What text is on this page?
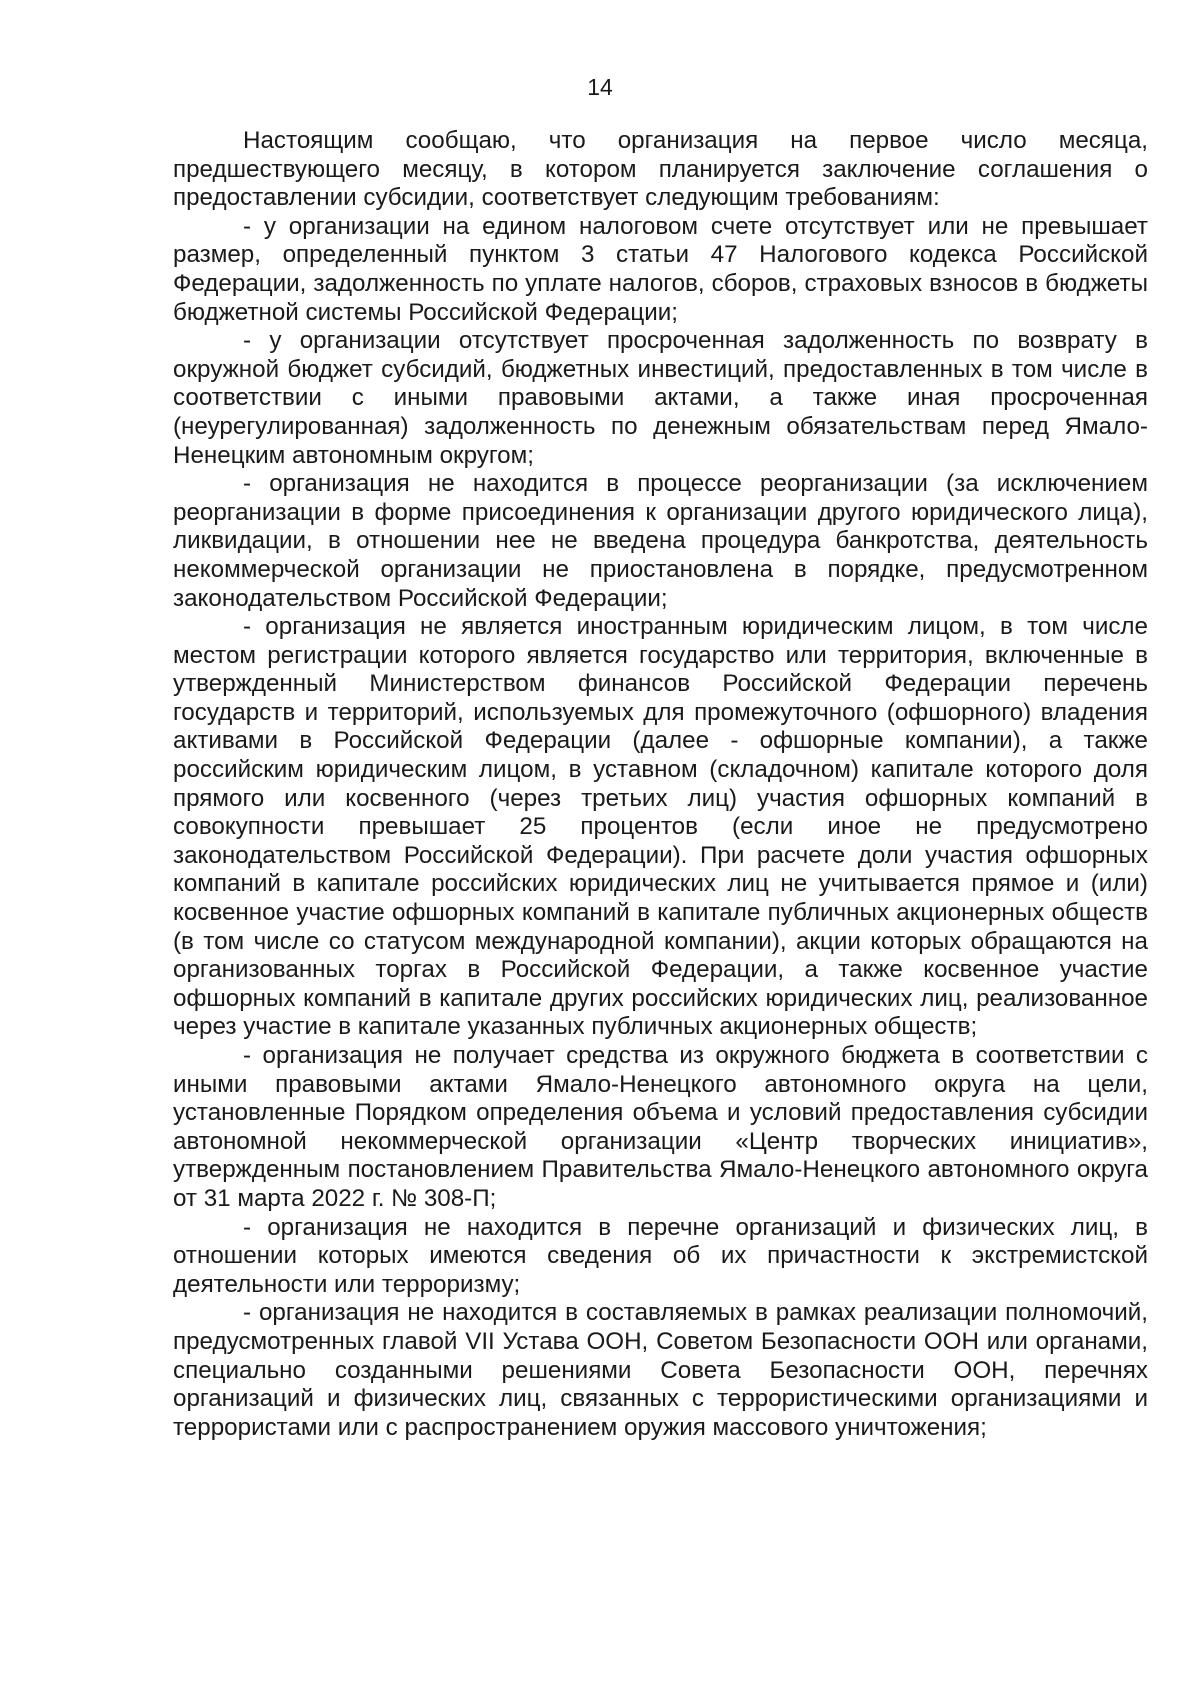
14

Настоящим сообщаю, что организация на первое число месяца, предшествующего месяцу, в котором планируется заключение соглашения о предоставлении субсидии, соответствует следующим требованиям:

- у организации на едином налоговом счете отсутствует или не превышает размер, определенный пунктом 3 статьи 47 Налогового кодекса Российской Федерации, задолженность по уплате налогов, сборов, страховых взносов в бюджеты бюджетной системы Российской Федерации;

- у организации отсутствует просроченная задолженность по возврату в окружной бюджет субсидий, бюджетных инвестиций, предоставленных в том числе в соответствии с иными правовыми актами, а также иная просроченная (неурегулированная) задолженность по денежным обязательствам перед Ямало-Ненецким автономным округом;

- организация не находится в процессе реорганизации (за исключением реорганизации в форме присоединения к организации другого юридического лица), ликвидации, в отношении нее не введена процедура банкротства, деятельность некоммерческой организации не приостановлена в порядке, предусмотренном законодательством Российской Федерации;

- организация не является иностранным юридическим лицом, в том числе местом регистрации которого является государство или территория, включенные в утвержденный Министерством финансов Российской Федерации перечень государств и территорий, используемых для промежуточного (офшорного) владения активами в Российской Федерации (далее - офшорные компании), а также российским юридическим лицом, в уставном (складочном) капитале которого доля прямого или косвенного (через третьих лиц) участия офшорных компаний в совокупности превышает 25 процентов (если иное не предусмотрено законодательством Российской Федерации). При расчете доли участия офшорных компаний в капитале российских юридических лиц не учитывается прямое и (или) косвенное участие офшорных компаний в капитале публичных акционерных обществ (в том числе со статусом международной компании), акции которых обращаются на организованных торгах в Российской Федерации, а также косвенное участие офшорных компаний в капитале других российских юридических лиц, реализованное через участие в капитале указанных публичных акционерных обществ;

- организация не получает средства из окружного бюджета в соответствии с иными правовыми актами Ямало-Ненецкого автономного округа на цели, установленные Порядком определения объема и условий предоставления субсидии автономной некоммерческой организации «Центр творческих инициатив», утвержденным постановлением Правительства Ямало-Ненецкого автономного округа от 31 марта 2022 г. № 308-П;

- организация не находится в перечне организаций и физических лиц, в отношении которых имеются сведения об их причастности к экстремистской деятельности или терроризму;

- организация не находится в составляемых в рамках реализации полномочий, предусмотренных главой VII Устава ООН, Советом Безопасности ООН или органами, специально созданными решениями Совета Безопасности ООН, перечнях организаций и физических лиц, связанных с террористическими организациями и террористами или с распространением оружия массового уничтожения;
